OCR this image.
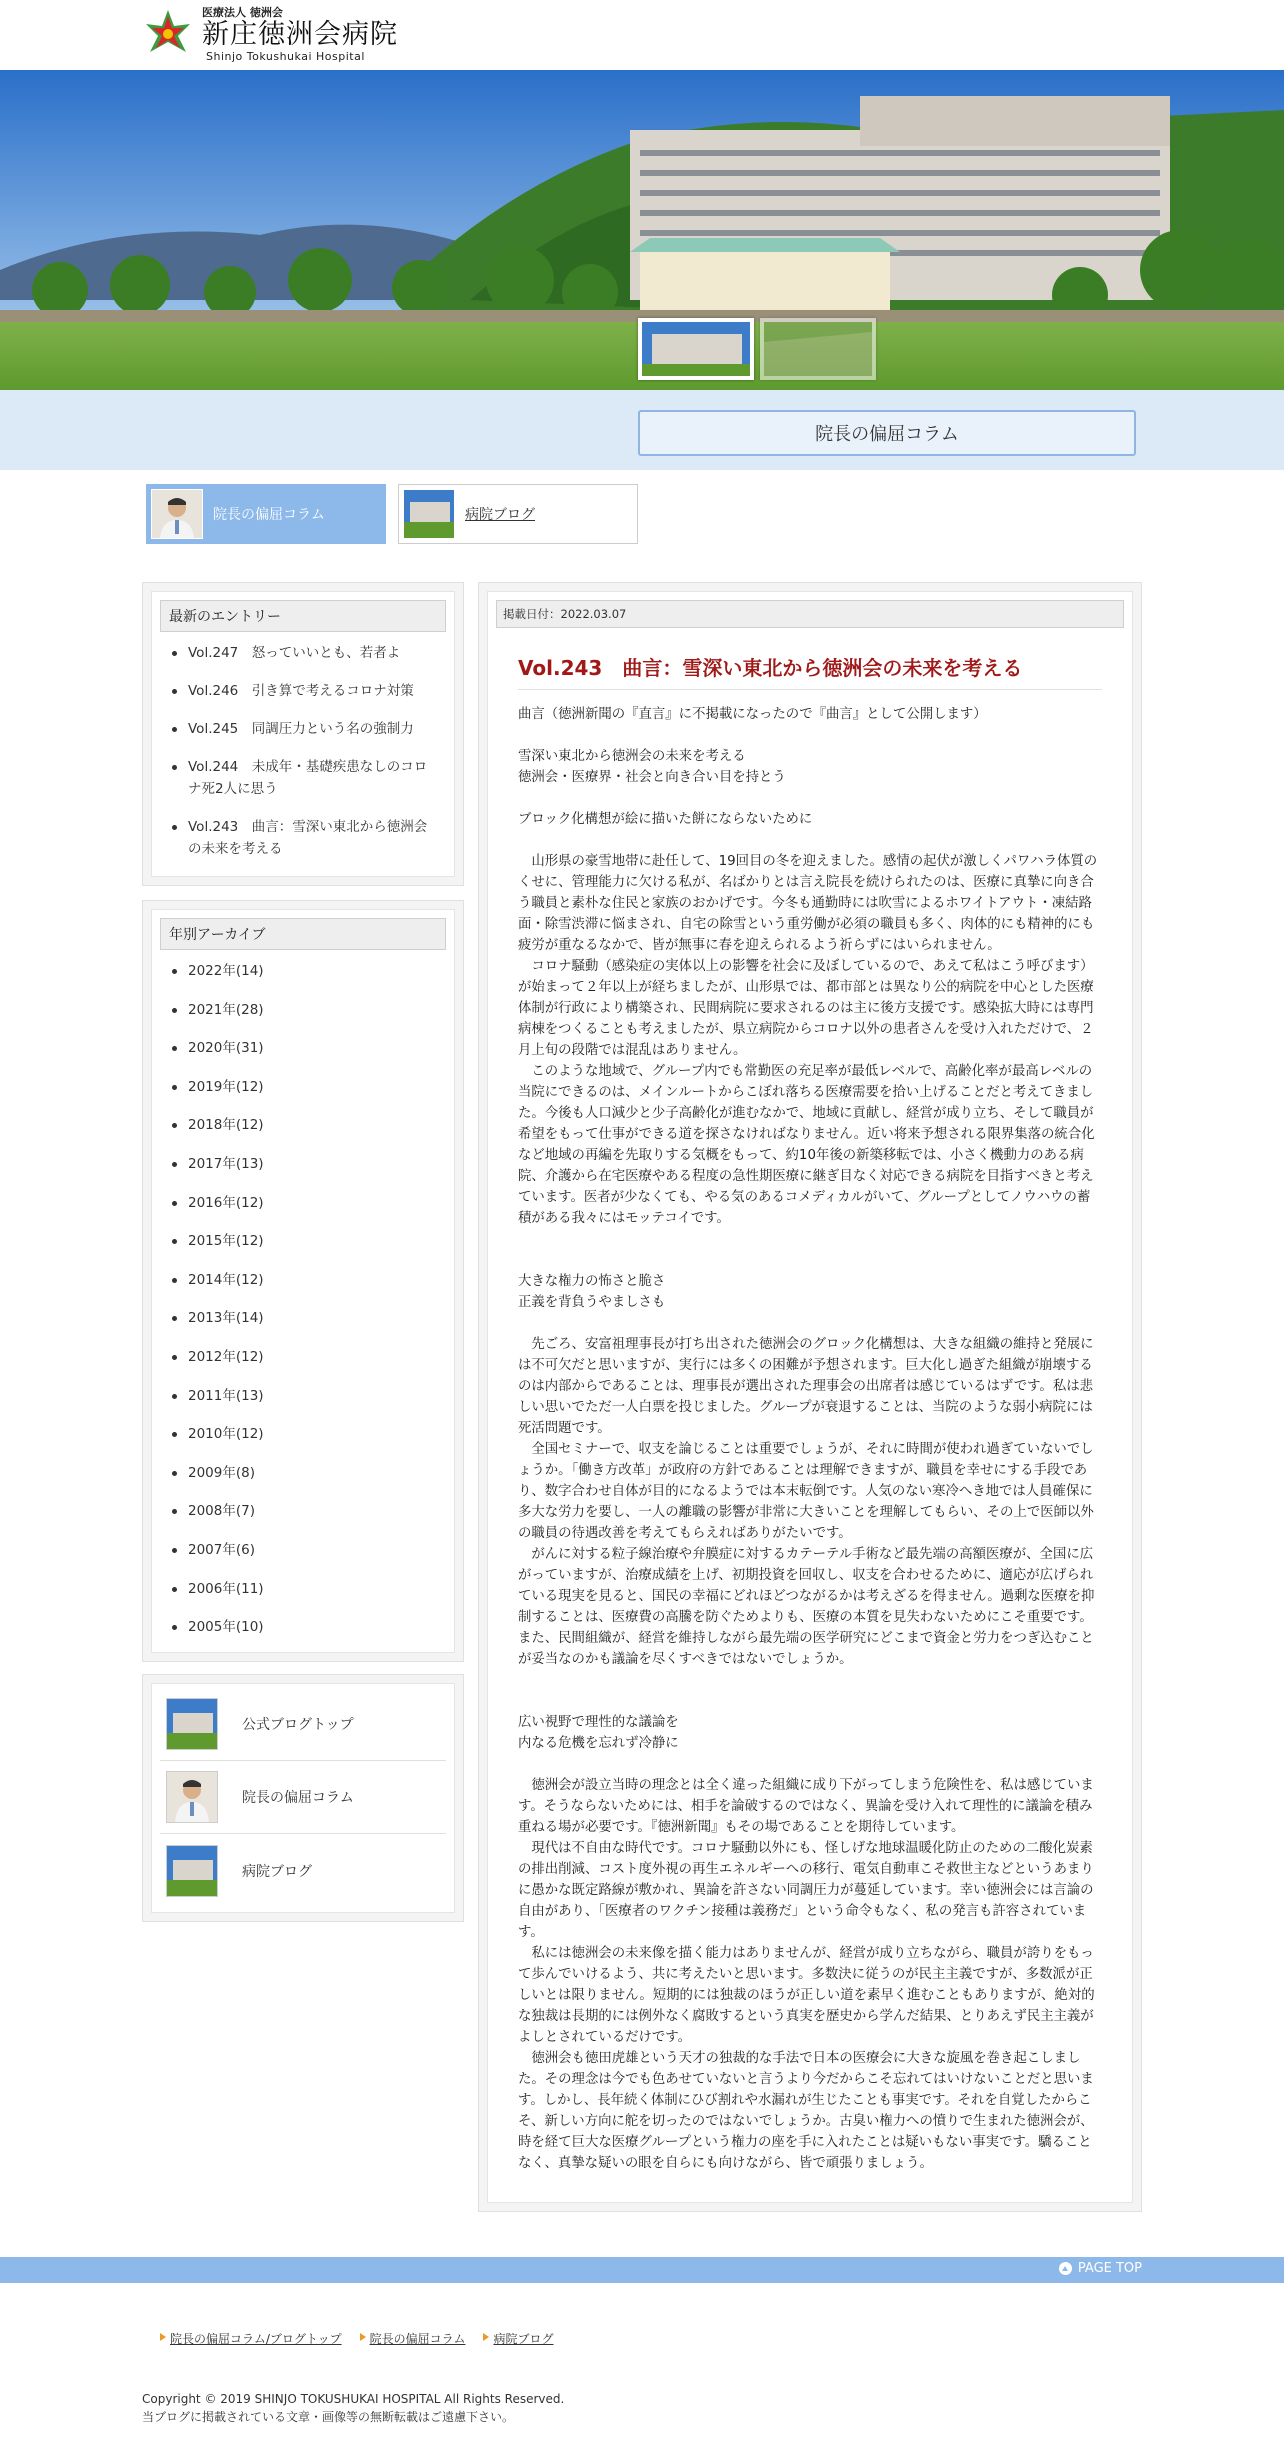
医療法人 徳洲会
新庄徳洲会病院
Shinjo Tokushukai Hospital
院長の偏屈コラム
院長の偏屈コラム	病院ブログ
最新のエントリー
Vol.247　怒っていいとも、若者よ
Vol.246　引き算で考えるコロナ対策
Vol.245　同調圧力という名の強制力
Vol.244　未成年・基礎疾患なしのコロナ死2人に思う
Vol.243　曲言：雪深い東北から徳洲会の未来を考える
年別アーカイブ
2022年(14)
2021年(28)
2020年(31)
2019年(12)
2018年(12)
2017年(13)
2016年(12)
2015年(12)
2014年(12)
2013年(14)
2012年(12)
2011年(13)
2010年(12)
2009年(8)
2008年(7)
2007年(6)
2006年(11)
2005年(10)
公式ブログトップ
院長の偏屈コラム
病院ブログ
掲載日付：2022.03.07
Vol.243　曲言：雪深い東北から徳洲会の未来を考える

曲言（徳洲新聞の『直言』に不掲載になったので『曲言』として公開します）

雪深い東北から徳洲会の未来を考える
徳洲会・医療界・社会と向き合い目を持とう

ブロック化構想が絵に描いた餅にならないために

　山形県の豪雪地帯に赴任して、19回目の冬を迎えました。感情の起伏が激しくパワハラ体質のくせに、管理能力に欠ける私が、名ばかりとは言え院長を続けられたのは、医療に真摯に向き合う職員と素朴な住民と家族のおかげです。今冬も通勤時には吹雪によるホワイトアウト・凍結路面・除雪渋滞に悩まされ、自宅の除雪という重労働が必須の職員も多く、肉体的にも精神的にも疲労が重なるなかで、皆が無事に春を迎えられるよう祈らずにはいられません。
　コロナ騒動（感染症の実体以上の影響を社会に及ぼしているので、あえて私はこう呼びます）が始まって２年以上が経ちましたが、山形県では、都市部とは異なり公的病院を中心とした医療体制が行政により構築され、民間病院に要求されるのは主に後方支援です。感染拡大時には専門病棟をつくることも考えましたが、県立病院からコロナ以外の患者さんを受け入れただけで、２月上旬の段階では混乱はありません。
　このような地域で、グループ内でも常勤医の充足率が最低レベルで、高齢化率が最高レベルの当院にできるのは、メインルートからこぼれ落ちる医療需要を拾い上げることだと考えてきました。今後も人口減少と少子高齢化が進むなかで、地域に貢献し、経営が成り立ち、そして職員が希望をもって仕事ができる道を探さなければなりません。近い将来予想される限界集落の統合化など地域の再編を先取りする気概をもって、約10年後の新築移転では、小さく機動力のある病院、介護から在宅医療やある程度の急性期医療に継ぎ目なく対応できる病院を目指すべきと考えています。医者が少なくても、やる気のあるコメディカルがいて、グループとしてノウハウの蓄積がある我々にはモッテコイです。

大きな権力の怖さと脆さ
正義を背負うやましさも

　先ごろ、安富祖理事長が打ち出された徳洲会のグロック化構想は、大きな組織の維持と発展には不可欠だと思いますが、実行には多くの困難が予想されます。巨大化し過ぎた組織が崩壊するのは内部からであることは、理事長が選出された理事会の出席者は感じているはずです。私は悲しい思いでただ一人白票を投じました。グループが衰退することは、当院のような弱小病院には死活問題です。
　全国セミナーで、収支を論じることは重要でしょうが、それに時間が使われ過ぎていないでしょうか。「働き方改革」が政府の方針であることは理解できますが、職員を幸せにする手段であり、数字合わせ自体が目的になるようでは本末転倒です。人気のない寒冷へき地では人員確保に多大な労力を要し、一人の離職の影響が非常に大きいことを理解してもらい、その上で医師以外の職員の待遇改善を考えてもらえればありがたいです。
　がんに対する粒子線治療や弁膜症に対するカテーテル手術など最先端の高額医療が、全国に広がっていますが、治療成績を上げ、初期投資を回収し、収支を合わせるために、適応が広げられている現実を見ると、国民の幸福にどれほどつながるかは考えざるを得ません。過剰な医療を抑制することは、医療費の高騰を防ぐためよりも、医療の本質を見失わないためにこそ重要です。また、民間組織が、経営を維持しながら最先端の医学研究にどこまで資金と労力をつぎ込むことが妥当なのかも議論を尽くすべきではないでしょうか。

広い視野で理性的な議論を
内なる危機を忘れず冷静に

　徳洲会が設立当時の理念とは全く違った組織に成り下がってしまう危険性を、私は感じています。そうならないためには、相手を論破するのではなく、異論を受け入れて理性的に議論を積み重ねる場が必要です。『徳洲新聞』もその場であることを期待しています。
　現代は不自由な時代です。コロナ騒動以外にも、怪しげな地球温暖化防止のための二酸化炭素の排出削減、コスト度外視の再生エネルギーへの移行、電気自動車こそ救世主などというあまりに愚かな既定路線が敷かれ、異論を許さない同調圧力が蔓延しています。幸い徳洲会には言論の自由があり、「医療者のワクチン接種は義務だ」という命令もなく、私の発言も許容されています。
　私には徳洲会の未来像を描く能力はありませんが、経営が成り立ちながら、職員が誇りをもって歩んでいけるよう、共に考えたいと思います。多数決に従うのが民主主義ですが、多数派が正しいとは限りません。短期的には独裁のほうが正しい道を素早く進むこともありますが、絶対的な独裁は長期的には例外なく腐敗するという真実を歴史から学んだ結果、とりあえず民主主義がよしとされているだけです。
　徳洲会も徳田虎雄という天才の独裁的な手法で日本の医療会に大きな旋風を巻き起こしました。その理念は今でも色あせていないと言うより今だからこそ忘れてはいけないことだと思います。しかし、長年続く体制にひび割れや水漏れが生じたことも事実です。それを自覚したからこそ、新しい方向に舵を切ったのではないでしょうか。古臭い権力への憤りで生まれた徳洲会が、時を経て巨大な医療グループという権力の座を手に入れたことは疑いもない事実です。驕ることなく、真摯な疑いの眼を自らにも向けながら、皆で頑張りましょう。

PAGE TOP
院長の偏屈コラム/ブログトップ	院長の偏屈コラム	病院ブログ
Copyright © 2019 SHINJO TOKUSHUKAI HOSPITAL All Rights Reserved.
当ブログに掲載されている文章・画像等の無断転載はご遠慮下さい。
